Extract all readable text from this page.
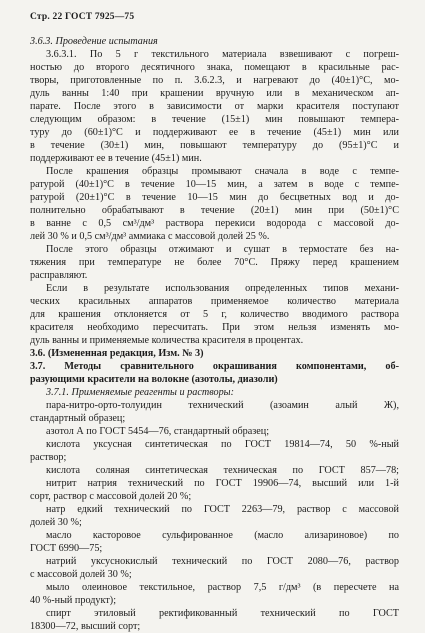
Стр. 22 ГОСТ 7925—75
3.6.3. Проведение испытания
3.6.3.1. По 5 г текстильного материала взвешивают с погреш-
ностью до второго десятичного знака, помещают в красильные рас-
творы, приготовленные по п. 3.6.2.3, и нагревают до (40±1)°С, мо-
дуль ванны 1:40 при крашении вручную или в механическом ап-
парате. После этого в зависимости от марки красителя поступают
следующим образом: в течение (15±1) мин повышают темпера-
туру до (60±1)°С и поддерживают ее в течение (45±1) мин или
в течение (30±1) мин, повышают температуру до (95±1)°С и
поддерживают ее в течение (45±1) мин.
После крашения образцы промывают сначала в воде с темпе-
ратурой (40±1)°С в течение 10—15 мин, а затем в воде с темпе-
ратурой (20±1)°С в течение 10—15 мин до бесцветных вод и до-
полнительно обрабатывают в течение (20±1) мин при (50±1)°С
в ванне с 0,5 см³/дм³ раствора перекиси водорода с массовой до-
лей 30 % и 0,5 см³/дм³ аммиака с массовой долей 25 %.
После этого образцы отжимают и сушат в термостате без на-
тяжения при температуре не более 70°С. Пряжу перед крашением
расправляют.
Если в результате использования определенных типов механи-
ческих красильных аппаратов применяемое количество материала
для крашения отклоняется от 5 г, количество вводимого раствора
красителя необходимо пересчитать. При этом нельзя изменять мо-
дуль ванны и применяемые количества красителя в процентах.
3.6. (Измененная редакция, Изм. № 3)
3.7. Методы сравнительного окрашивания компонентами, об-
разующими красители на волокне (азотолы, диазоли)
3.7.1. Применяемые реагенты и растворы:
пара-нитро-орто-толуидин технический (азоамин алый Ж),
стандартный образец;
азотол А по ГОСТ 5454—76, стандартный образец;
кислота уксусная синтетическая по ГОСТ 19814—74, 50 %-ный
раствор;
кислота соляная синтетическая техническая по ГОСТ 857—78;
нитрит натрия технический по ГОСТ 19906—74, высший или 1-й
сорт, раствор с массовой долей 20 %;
натр едкий технический по ГОСТ 2263—79, раствор с массовой
долей 30 %;
масло касторовое сульфированное (масло ализариновое) по
ГОСТ 6990—75;
натрий уксуснокислый технический по ГОСТ 2080—76, раствор
с массовой долей 30 %;
мыло олеиновое текстильное, раствор 7,5 г/дм³ (в пересчете на
40 %-ный продукт);
спирт этиловый ректификованный технический по ГОСТ
18300—72, высший сорт;
